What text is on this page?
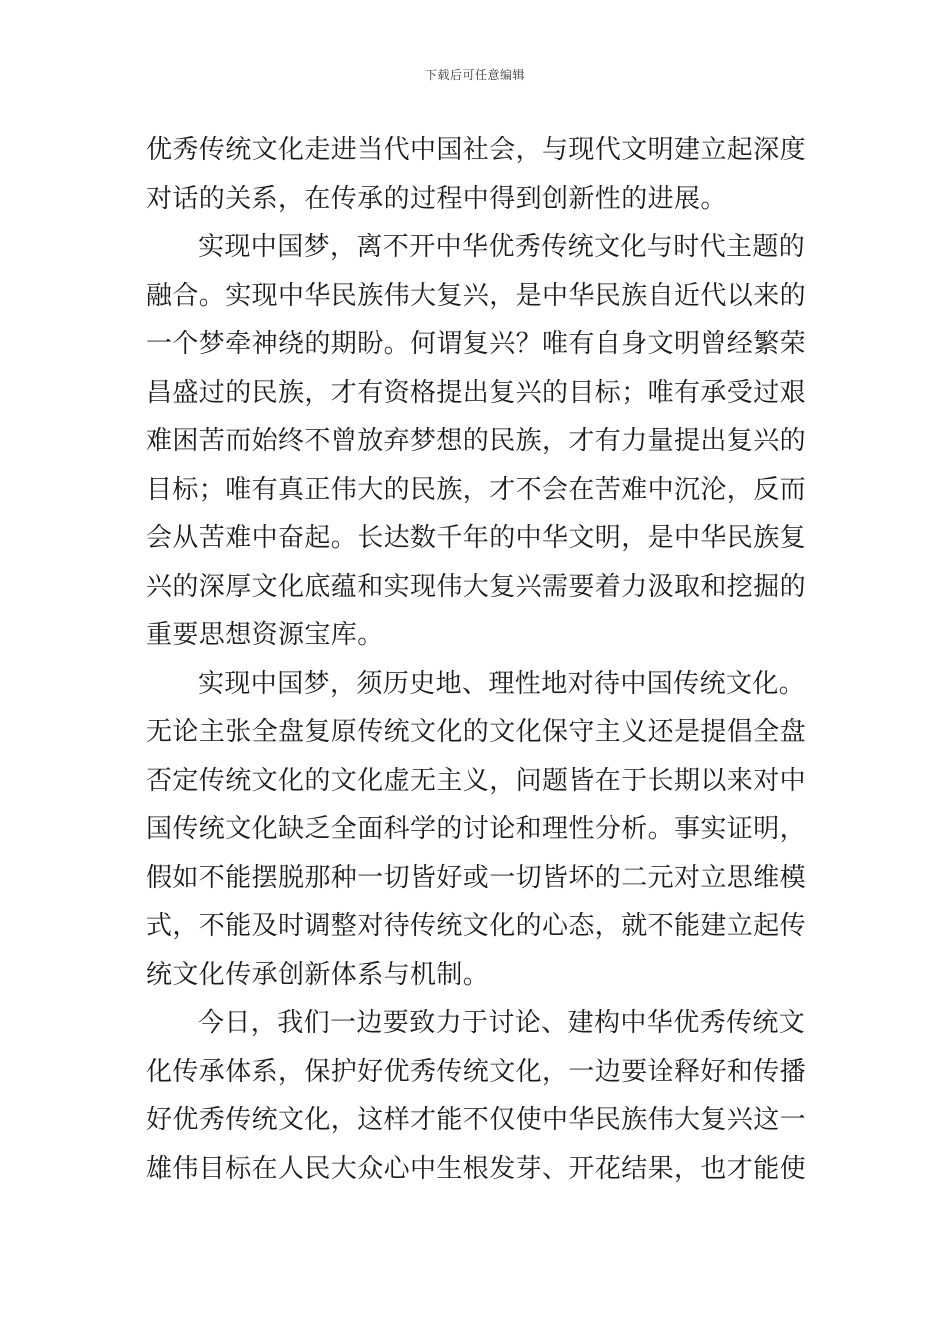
下载后可任意编辑

优秀传统文化走进当代中国社会，与现代文明建立起深度
对话的关系，在传承的过程中得到创新性的进展。

实现中国梦，离不开中华优秀传统文化与时代主题的
融合。实现中华民族伟大复兴，是中华民族自近代以来的
一个梦牵神绕的期盼。何谓复兴？唯有自身文明曾经繁荣
昌盛过的民族，才有资格提出复兴的目标；唯有承受过艰
难困苦而始终不曾放弃梦想的民族，才有力量提出复兴的
目标；唯有真正伟大的民族，才不会在苦难中沉沦，反而
会从苦难中奋起。长达数千年的中华文明，是中华民族复
兴的深厚文化底蕴和实现伟大复兴需要着力汲取和挖掘的
重要思想资源宝库。

实现中国梦，须历史地、理性地对待中国传统文化。
无论主张全盘复原传统文化的文化保守主义还是提倡全盘
否定传统文化的文化虚无主义，问题皆在于长期以来对中
国传统文化缺乏全面科学的讨论和理性分析。事实证明，
假如不能摆脱那种一切皆好或一切皆坏的二元对立思维模
式，不能及时调整对待传统文化的心态，就不能建立起传
统文化传承创新体系与机制。

今日，我们一边要致力于讨论、建构中华优秀传统文
化传承体系，保护好优秀传统文化，一边要诠释好和传播
好优秀传统文化，这样才能不仅使中华民族伟大复兴这一
雄伟目标在人民大众心中生根发芽、开花结果，也才能使
